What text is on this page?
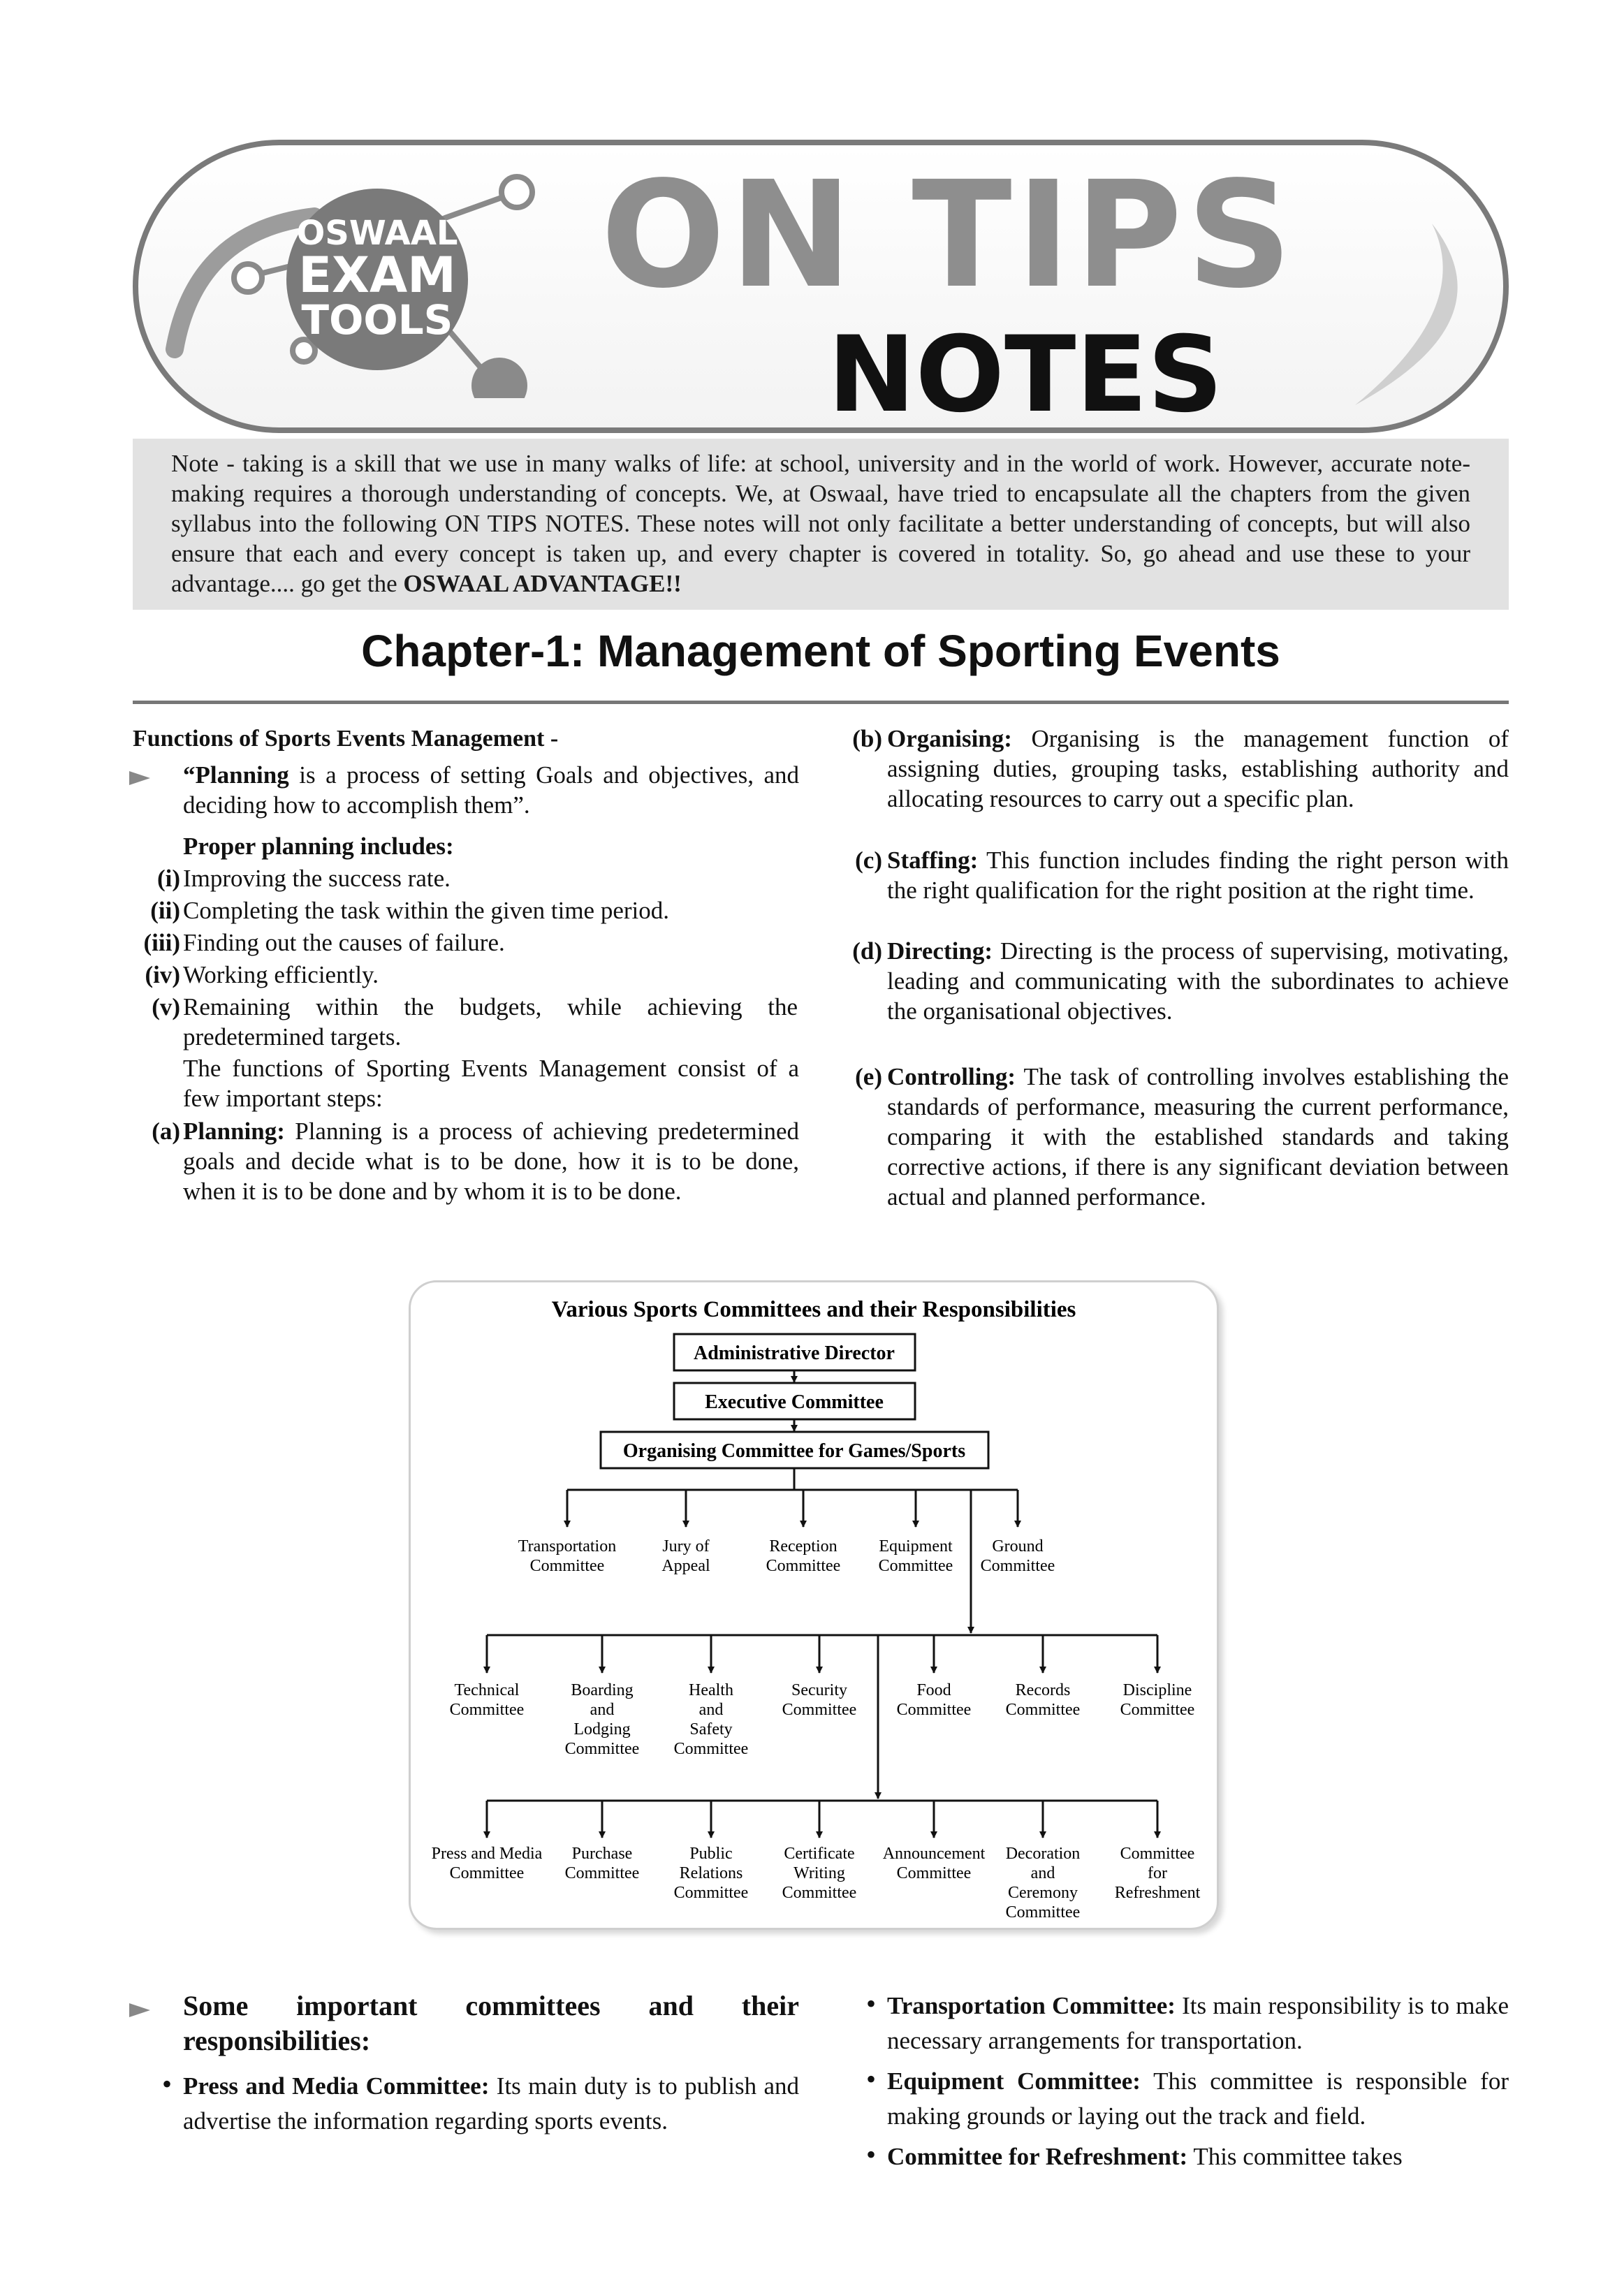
OSWAAL
EXAM
TOOLS ON TIPS
NOTES
Note - taking is a skill that we use in many walks of life: at school, university and in the world of work. However, accurate note-making requires a thorough understanding of concepts. We, at Oswaal, have tried to encapsulate all the chapters from the given syllabus into the following ON TIPS NOTES. These notes will not only facilitate a better understanding of concepts, but will also ensure that each and every concept is taken up, and every chapter is covered in totality. So, go ahead and use these to your advantage.... go get the OSWAAL ADVANTAGE!!
Chapter-1: Management of Sporting Events
Functions of Sports Events Management -
“Planning is a process of setting Goals and objectives, and deciding how to accomplish them”.
Proper planning includes:
(i) Improving the success rate.
(ii) Completing the task within the given time period.
(iii) Finding out the causes of failure.
(iv) Working efficiently.
(v) Remaining within the budgets, while achieving the predetermined targets.
The functions of Sporting Events Management consist of a few important steps:
(a) Planning: Planning is a process of achieving predetermined goals and decide what is to be done, how it is to be done, when it is to be done and by whom it is to be done.
(b) Organising: Organising is the management function of assigning duties, grouping tasks, establishing authority and allocating resources to carry out a specific plan.
(c) Staffing: This function includes finding the right person with the right qualification for the right position at the right time.
(d) Directing: Directing is the process of supervising, motivating, leading and communicating with the subordinates to achieve the organisational objectives.
(e) Controlling: The task of controlling involves establishing the standards of performance, measuring the current performance, comparing it with the established standards and taking corrective actions, if there is any significant deviation between actual and planned performance.
Various Sports Committees and their Responsibilities
Administrative Director
Executive Committee
Organising Committee for Games/Sports
Transportation
Committee
Jury of
Appeal
Reception
Committee
Equipment
Committee
Ground
Committee
Technical
Committee
Boarding
and
Lodging
Committee
Health
and
Safety
Committee
Security
Committee
Food
Committee
Records
Committee
Discipline
Committee
Press and Media
Committee
Purchase
Committee
Public
Relations
Committee
Certificate
Writing
Committee
Announcement
Committee
Decoration
and
Ceremony
Committee
Committee
for
Refreshment
Some important committees and their responsibilities:
• Press and Media Committee: Its main duty is to publish and advertise the information regarding sports events.
• Transportation Committee: Its main responsibility is to make necessary arrangements for transportation.
• Equipment Committee: This committee is responsible for making grounds or laying out the track and field.
• Committee for Refreshment: This committee takes
